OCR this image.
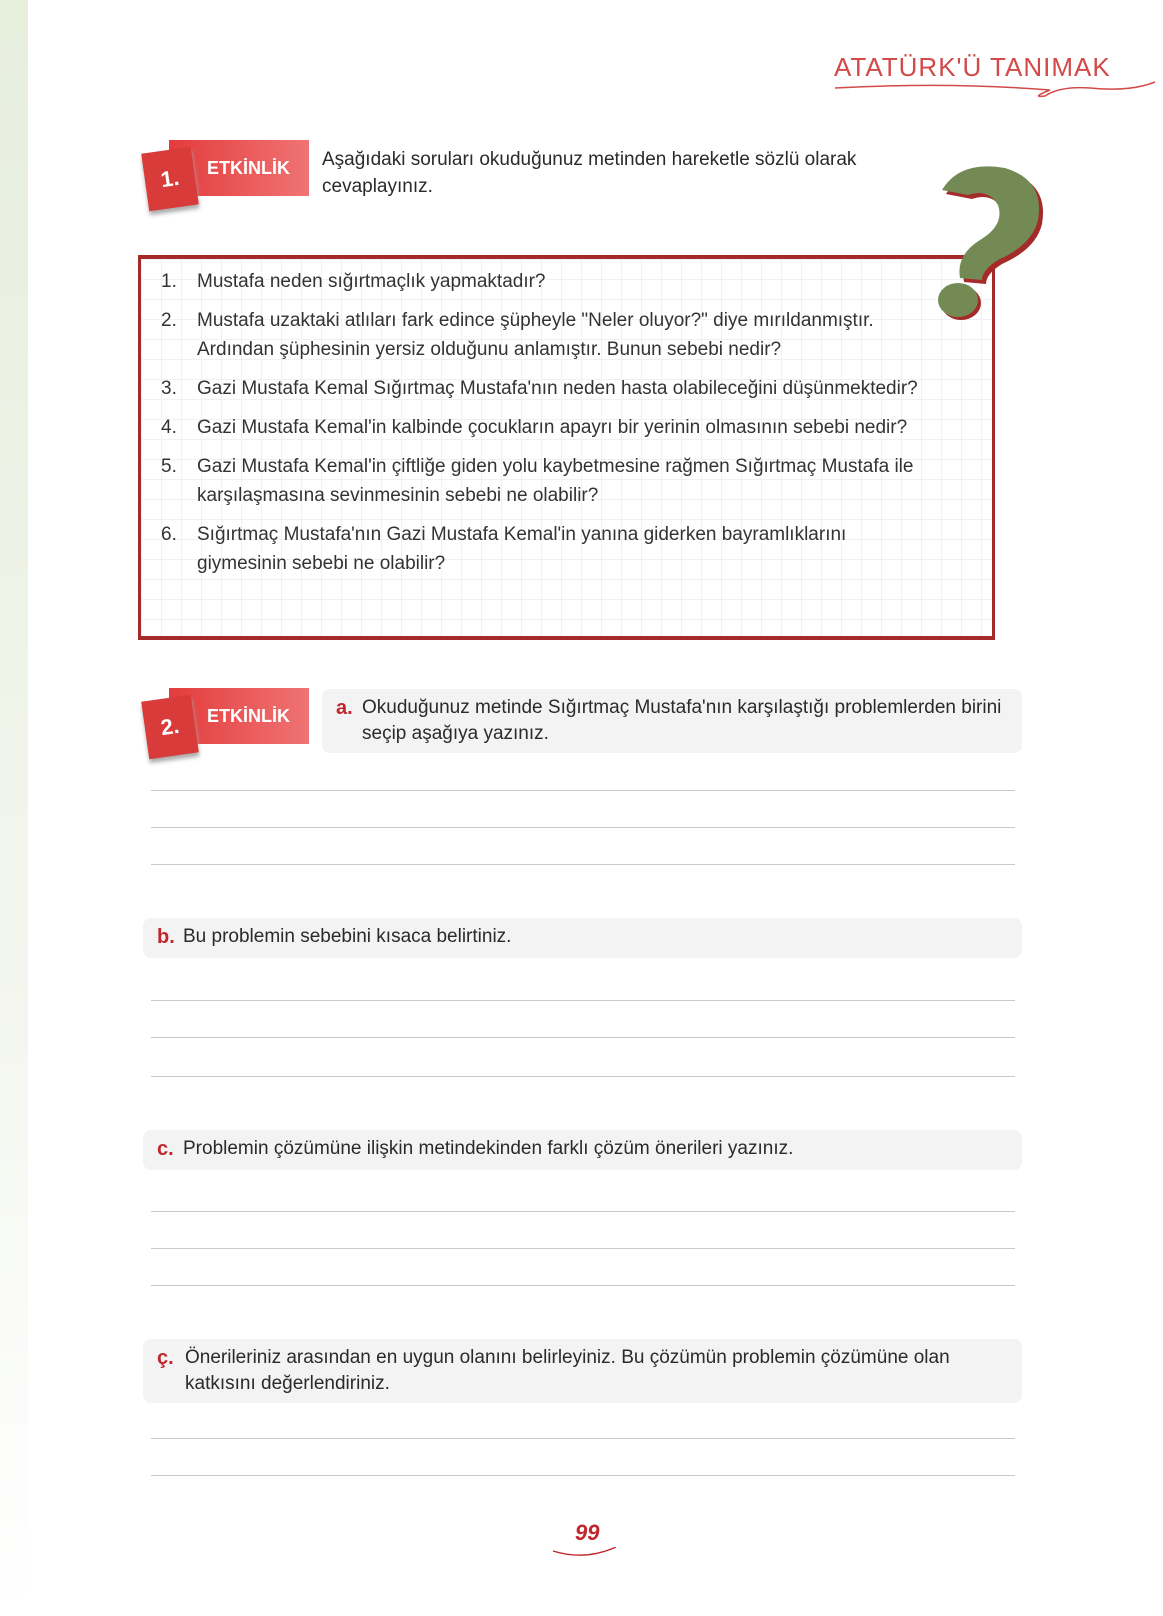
ATATÜRK'Ü TANIMAK
ETKİNLİK
1.
Aşağıdaki soruları okuduğunuz metinden hareketle sözlü olarak cevaplayınız.
1. Mustafa neden sığırtmaçlık yapmaktadır?
2. Mustafa uzaktaki atlıları fark edince şüpheyle "Neler oluyor?" diye mırıldanmıştır. Ardından şüphesinin yersiz olduğunu anlamıştır. Bunun sebebi nedir?
3. Gazi Mustafa Kemal Sığırtmaç Mustafa'nın neden hasta olabileceğini düşünmektedir?
4. Gazi Mustafa Kemal'in kalbinde çocukların apayrı bir yerinin olmasının sebebi nedir?
5. Gazi Mustafa Kemal'in çiftliğe giden yolu kaybetmesine rağmen Sığırtmaç Mustafa ile karşılaşmasına sevinmesinin sebebi ne olabilir?
6. Sığırtmaç Mustafa'nın Gazi Mustafa Kemal'in yanına giderken bayramlıklarını giymesinin sebebi ne olabilir?
ETKİNLİK
2.
a. Okuduğunuz metinde Sığırtmaç Mustafa'nın karşılaştığı problemlerden birini seçip aşağıya yazınız.
b. Bu problemin sebebini kısaca belirtiniz.
c. Problemin çözümüne ilişkin metindekinden farklı çözüm önerileri yazınız.
ç. Önerileriniz arasından en uygun olanını belirleyiniz. Bu çözümün problemin çözümüne olan katkısını değerlendiriniz.
99
